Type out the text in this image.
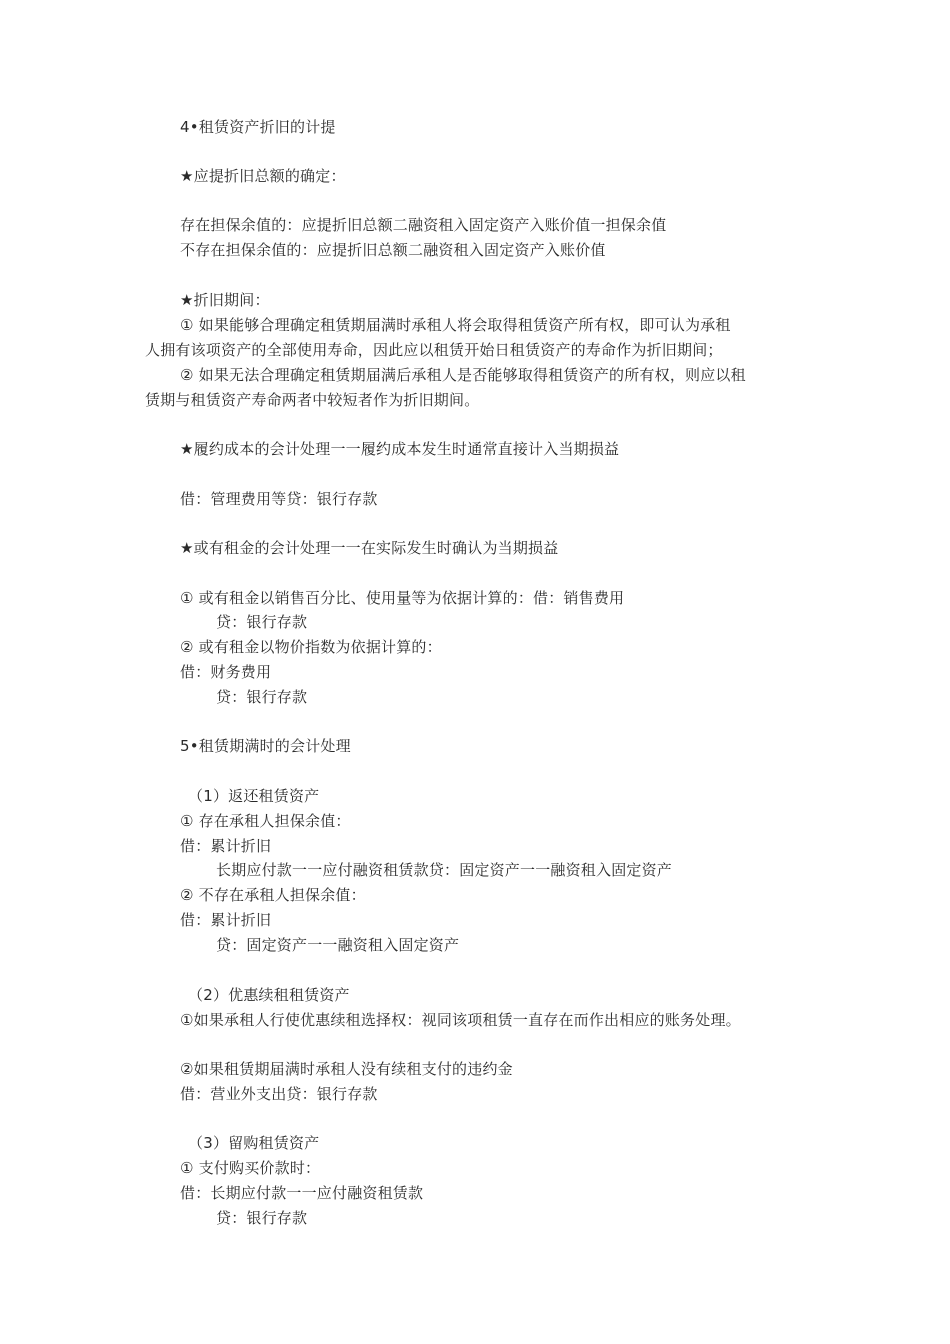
4•租赁资产折旧的计提
★应提折旧总额的确定：
存在担保余值的：应提折旧总额二融资租入固定资产入账价值一担保余值
不存在担保余值的：应提折旧总额二融资租入固定资产入账价值
★折旧期间：
① 如果能够合理确定租赁期届满时承租人将会取得租赁资产所有权，即可认为承租
人拥有该项资产的全部使用寿命，因此应以租赁开始日租赁资产的寿命作为折旧期间；
② 如果无法合理确定租赁期届满后承租人是否能够取得租赁资产的所有权，则应以租
赁期与租赁资产寿命两者中较短者作为折旧期间。
★履约成本的会计处理一一履约成本发生时通常直接计入当期损益
借：管理费用等贷：银行存款
★或有租金的会计处理一一在实际发生时确认为当期损益
① 或有租金以销售百分比、使用量等为依据计算的：借：销售费用
贷：银行存款
② 或有租金以物价指数为依据计算的：
借：财务费用
贷：银行存款
5•租赁期满时的会计处理
（1）返还租赁资产
① 存在承租人担保余值：
借：累计折旧
长期应付款一一应付融资租赁款贷：固定资产一一融资租入固定资产
② 不存在承租人担保余值：
借：累计折旧
贷：固定资产一一融资租入固定资产
（2）优惠续租租赁资产
①如果承租人行使优惠续租选择权：视同该项租赁一直存在而作出相应的账务处理。
②如果租赁期届满时承租人没有续租支付的违约金
借：营业外支出贷：银行存款
（3）留购租赁资产
① 支付购买价款时：
借：长期应付款一一应付融资租赁款
贷：银行存款
